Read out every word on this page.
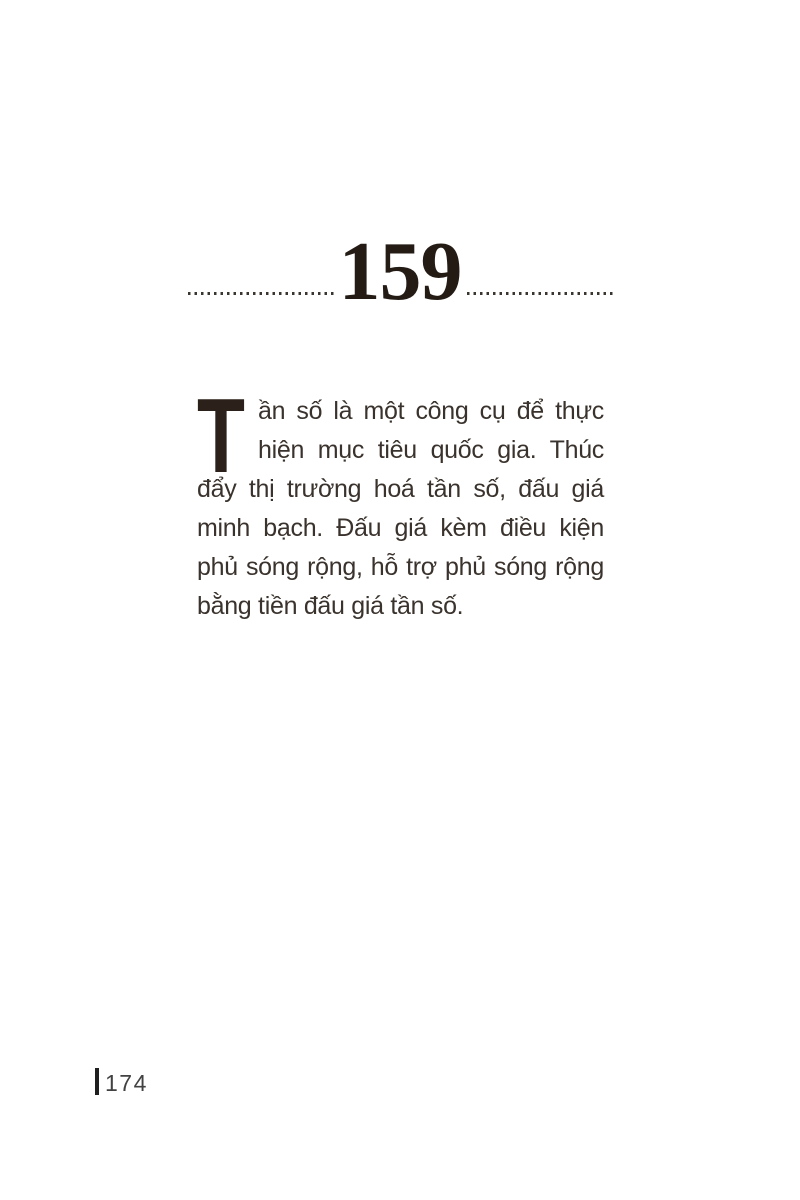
159

Tần số là một công cụ để thực hiện mục tiêu quốc gia. Thúc đẩy thị trường hoá tần số, đấu giá minh bạch. Đấu giá kèm điều kiện phủ sóng rộng, hỗ trợ phủ sóng rộng bằng tiền đấu giá tần số.

174
